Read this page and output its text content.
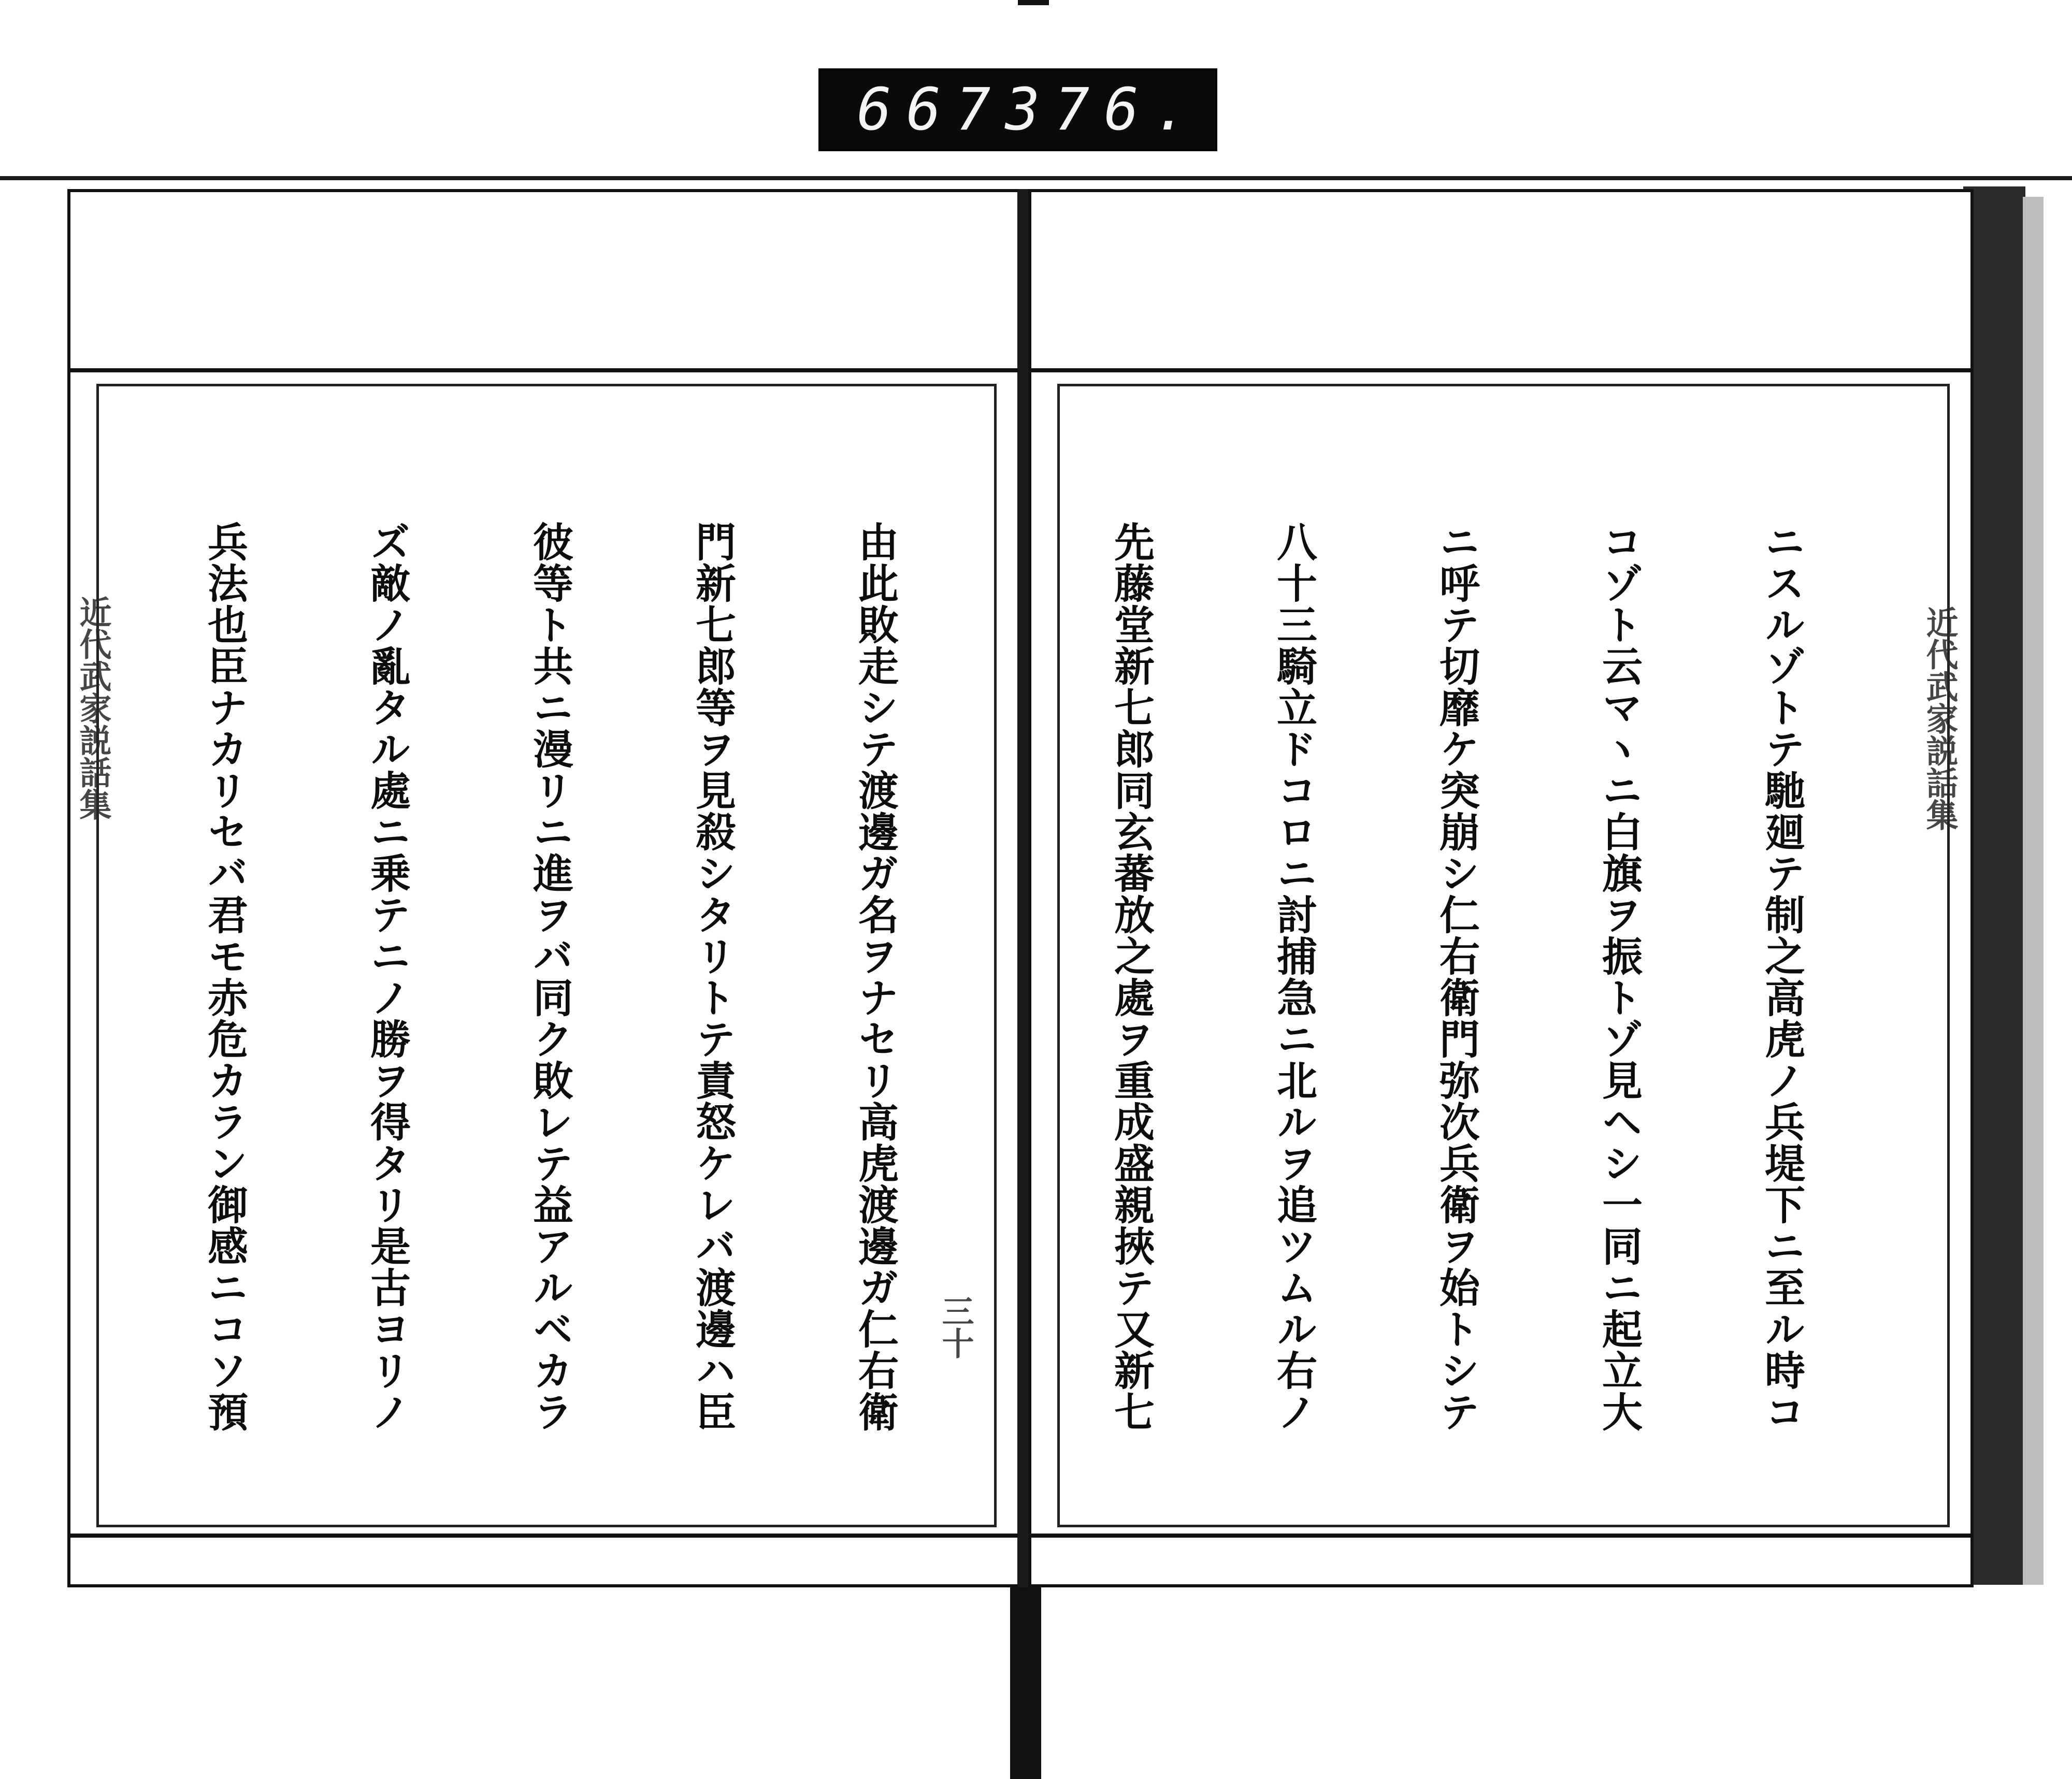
667 376.
近代武家説話集
三十
近代武家説話集

由此敗走シテ渡邊ガ名ヲナセリ高虎渡邊ガ仁右衛

門新七郎等ヲ見殺シタリトテ責怒ケレバ渡邊ハ臣

彼等ト共ニ漫リニ進ヲバ同ク敗レテ益アルベカラ

ズ敵ノ亂タル處ニ乗テニノ勝ヲ得タリ是古ヨリノ

兵法也臣ナカリセバ君モ赤危カラン御感ニコソ預

	ニスルゾトテ馳廻テ制之高虎ノ兵堤下ニ至ル時コ

コゾト云マヽニ白旗ヲ振トゾ見ヘシ一同ニ起立大

ニ呼テ切靡ケ突崩シ仁右衛門弥次兵衛ヲ始トシテ

八十三騎立ドコロニ討捕急ニ北ルヲ追ツムル右ノ

先藤堂新七郎同玄蕃放之處ヲ重成盛親挾テ又新七
